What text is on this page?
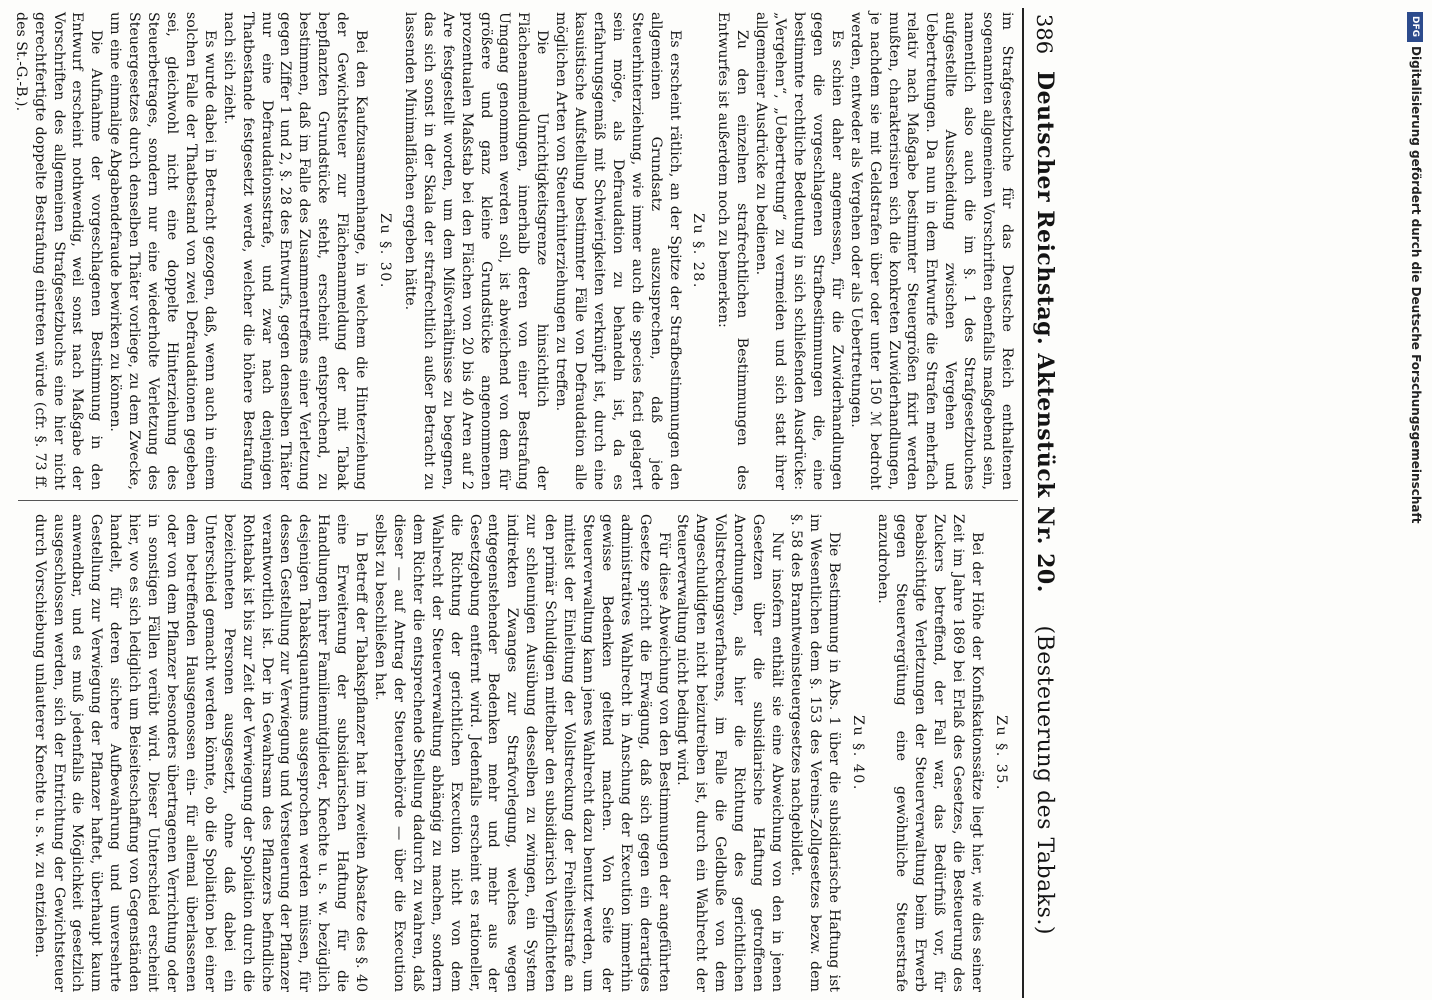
386
Deutscher Reichstag. Aktenstück Nr. 20.    (Besteuerung des Tabaks.)

im Strafgesetzbuche für das Deutsche Reich enthaltenen sogenannten allgemeinen Vorschriften ebenfalls maßgebend sein, namentlich also auch die im §. 1 des Strafgesetzbuches aufgestellte Ausscheidung zwischen Vergehen und Uebertretungen. Da nun in dem Entwurfe die Strafen mehrfach relativ nach Maßgabe bestimmter Steuergrößen fixirt werden mußten, charakterisiren sich die konkreten Zuwiderhandlungen, je nachdem sie mit Geldstrafen über oder unter 150 ℳ bedroht werden, entweder als Vergehen oder als Uebertretungen.

Es schien daher angemessen, für die Zuwiderhandlungen gegen die vorgeschlagenen Strafbestimmungen die, eine bestimmte rechtliche Bedeutung in sich schließenden Ausdrücke: „Vergehen“, „Uebertretung“ zu vermeiden und sich statt ihrer allgemeiner Ausdrücke zu bedienen.

Zu den einzelnen strafrechtlichen Bestimmungen des Entwurfes ist außerdem noch zu bemerken:

Zu §. 28.

Es erscheint rätlich, an der Spitze der Strafbestimmungen den allgemeinen Grundsatz auszusprechen, daß jede Steuerhinterziehung, wie immer auch die species facti gelagert sein möge, als Defraudation zu behandeln ist, da es erfahrungsgemäß mit Schwierigkeiten verknüpft ist, durch eine kasuistische Aufstellung bestimmter Fälle von Defraudation alle möglichen Arten von Steuerhinterziehungen zu treffen.

Die Unrichtigkeitsgrenze hinsichtlich der Flächenanmeldungen, innerhalb deren von einer Bestrafung Umgang genommen werden soll, ist abweichend von dem für größere und ganz kleine Grundstücke angenommenen prozentualen Maßstab bei den Flächen von 20 bis 40 Aren auf 2 Are festgestellt worden, um dem Mißverhältnisse zu begegnen, das sich sonst in der Skala der strafrechtlich außer Betracht zu lassenden Minimalflächen ergeben hätte.

Zu §. 30.

Bei den Kaufzusammenhange, in welchem die Hinterziehung der Gewichtsteuer zur Flächenanmeldung der mit Tabak bepflanzten Grundstücke steht, erscheint entsprechend, zu bestimmen, daß im Falle des Zusammentreffens einer Verletzung gegen Ziffer 1 und 2, §. 28 des Entwurfs, gegen denselben Thäter nur eine Defraudationsstrafe, und zwar nach denjenigen Thatbestande festgesetzt werde, welcher die höhere Bestrafung nach sich zieht.

Es wurde dabei in Betracht gezogen, daß, wenn auch in einem solchen Falle der Thatbestand von zwei Defraudationen gegeben sei, gleichwohl nicht eine doppelte Hinterziehung des Steuerbetrages, sondern nur eine wiederholte Verletzung des Steuergesetzes durch denselben Thäter vorliege, zu dem Zwecke, um eine einmalige Abgabendefraude bewirken zu können.

Die Aufnahme der vorgeschlagenen Bestimmung in den Entwurf erscheint nothwendig, weil sonst nach Maßgabe der Vorschriften des allgemeinen Strafgesetzbuchs eine hier nicht gerechtfertigte doppelte Bestrafung eintreten würde (cfr. §. 73 ff. des St.-G.-B.).

Zu §. 35.

Bei der Höhe der Konfiskationssätze liegt hier, wie dies seiner Zeit im Jahre 1869 bei Erlaß des Gesetzes, die Besteuerung des Zuckers betreffend, der Fall war, das Bedürfniß vor, für beabsichtigte Verletzungen der Steuerverwaltung beim Erwerb gegen Steuervergütung eine gewöhnliche Steuerstrafe anzudrohen.

Zu §. 40.

Die Bestimmung in Abs. 1 über die subsidiarische Haftung ist im Wesentlichen dem §. 153 des Vereins-Zollgesetzes bezw. dem §. 58 des Branntweinsteuergesetzes nachgebildet.

Nur insofern enthält sie eine Abweichung von den in jenen Gesetzen über die subsidiarische Haftung getroffenen Anordnungen, als hier die Richtung des gerichtlichen Vollstreckungsverfahrens, im Falle die Geldbuße von dem Angeschuldigten nicht beizutreiben ist, durch ein Wahlrecht der Steuerverwaltung nicht bedingt wird.

Für diese Abweichung von den Bestimmungen der angeführten Gesetze spricht die Erwägung, daß sich gegen ein derartiges administratives Wahlrecht in Anschung der Execution immerhin gewisse Bedenken geltend machen. Von Seite der Steuerverwaltung kann jenes Wahlrecht dazu benutzt werden, um mittelst der Einleitung der Vollstreckung der Freiheitsstrafe an den primär Schuldigen mittelbar den subsidiarisch Verpflichteten zur schleunigen Ausübung desselben zu zwingen, ein System indirekten Zwanges zur Strafvorlegung, welches wegen entgegenstehender Bedenken mehr und mehr aus der Gesetzgebung entfernt wird. Jedenfalls erscheint es rationeller, die Richtung der gerichtlichen Execution nicht von dem Wahlrecht der Steuerverwaltung abhängig zu machen, sondern dem Richter die entsprechende Stellung dadurch zu wahren, daß dieser — auf Antrag der Steuerbehörde — über die Execution selbst zu beschließen hat.

In Betreff der Tabakspflanzer hat im zweiten Absatze des §. 40 eine Erweiterung der subsidiarischen Haftung für die Handlungen ihrer Familienmitglieder, Knechte u. s. w. bezüglich desjenigen Tabaksquantums ausgesprochen werden müssen, für dessen Gestellung zur Verwiegung und Versteuerung der Pflanzer verantwortlich ist. Der in Gewahrsam des Pflanzers befindliche Rohtabak ist bis zur Zeit der Verwiegung der Spoliation durch die bezeichneten Personen ausgesetzt, ohne daß dabei ein Unterschied gemacht werden könnte, ob die Spoliation bei einer dem betreffenden Hausgenossen ein- für allemal überlassenen oder von dem Pflanzer besonders übertragenen Verrichtung oder in sonstigen Fällen verübt wird. Dieser Unterschied erscheint hier, wo es sich lediglich um Beiseiteschaffung von Gegenständen handelt, für deren sichere Aufbewahrung und unversehrte Gestellung zur Verwiegung der Pflanzer haftet, überhaupt kaum anwendbar, und es muß jedenfalls die Möglichkeit gesetzlich ausgeschlossen werden, sich der Entrichtung der Gewichtsteuer durch Vorschiebung unlauterer Knechte u. s. w. zu entziehen.

DFG
Digitalisierung gefördert durch die Deutsche Forschungsgemeinschaft
